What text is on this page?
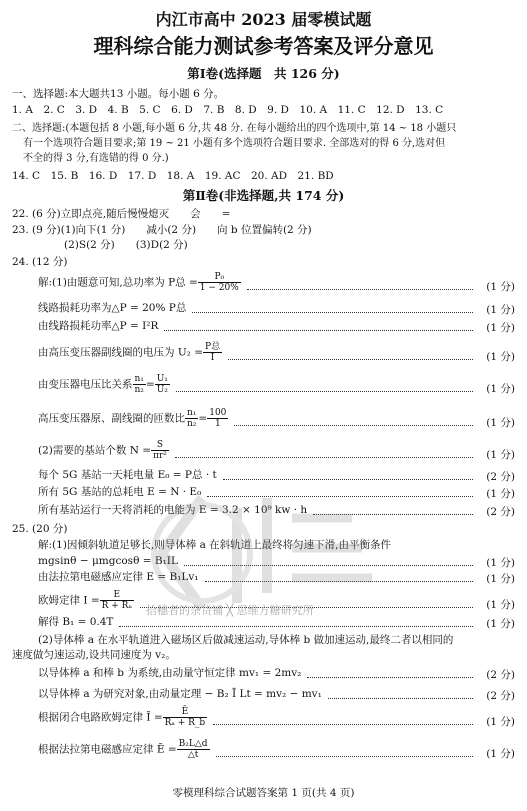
内江市高中 2023 届零模试题
理科综合能力测试参考答案及评分意见
第Ⅰ卷(选择题　共 126 分)
一、选择题:本大题共13 小题。每小题 6 分。
1. A　2. C　3. D　4. B　5. C　6. D　7. B　8. D　9. D　10. A　11. C　12. D　13. C
二、选择题:(本题包括 8 小题,每小题 6 分,共 48 分. 在每小题给出的四个选项中,第 14 ~ 18 小题只
有一个选项符合题目要求;第 19 ~ 21 小题有多个选项符合题目要求. 全部选对的得 6 分,选对但
不全的得 3 分,有选错的得 0 分.)
14. C　15. B　16. D　17. D　18. A　19. AC　20. AD　21. BD
第Ⅱ卷(非选择题,共 174 分)
22. (6 分)立即点亮,随后慢慢熄灭　　会　　=
23. (9 分)(1)向下(1 分)　　减小(2 分)　　向 b 位置偏转(2 分)
(2)S(2 分)　　(3)D(2 分)
24. (12 分)
解:(1)由题意可知,总功率为 P总 = $\frac{\text{P₀}}{1 - 20\%}$	(1 分)
线路损耗功率为△P = 20% P总	(1 分)
由线路损耗功率△P = I²R	(1 分)
由高压变压器副线圈的电压为 $U_2 = \frac{\text{P总}}{I}$	(1 分)
由变压器电压比关系 $\frac{\text{n₁}}{\text{n₂}} = \frac{\text{U₁}}{\text{U₂}}$	(1 分)
高压变压器原、副线圈的匝数比 $\frac{\text{n₁}}{\text{n₂}} = \frac{100}{1}$	(1 分)
(2)需要的基站个数 $N = \frac{S}{\text{πr²}}$	(1 分)
每个 5G 基站一天耗电量 E₀ = P总 · t	(2 分)
所有 5G 基站的总耗电 E = N · E₀	(1 分)
所有基站运行一天将消耗的电能为 E = 3.2 × 10⁹ kw · h	(2 分)
25. (20 分)
解:(1)因倾斜轨道足够长,则导体棒 a 在斜轨道上最终将匀速下滑,由平衡条件
mgsinθ − μmgcosθ = B₁IL	(1 分)
由法拉第电磁感应定律 E = B₁Lv₁	(1 分)
欧姆定律 $I = \frac{E}{\text{R + Rₐ}}$	(1 分)
解得 B₁ = 0.4T	(1 分)
(2)导体棒 a 在水平轨道进入磁场区后做减速运动,导体棒 b 做加速运动,最终二者以相同的
速度做匀速运动,设共同速度为 v₂。
以导体棒 a 和棒 b 为系统,由动量守恒定律 mv₁ = 2mv₂	(2 分)
以导体棒 a 为研究对象,由动量定理 − B₂ Ī Lt = mv₂ − mv₁	(2 分)
根据闭合电路欧姆定律 Ī = $\frac{Ē}{\text{Rₐ + R\_b}}$	(1 分)
根据法拉第电磁感应定律 Ē = $\frac{\text{B₂L△d}}{\triangle t}$	(1 分)
拾穗者的杂货铺 ╳ 思维方糖研究所
零模理科综合试题答案第 1 页(共 4 页)
